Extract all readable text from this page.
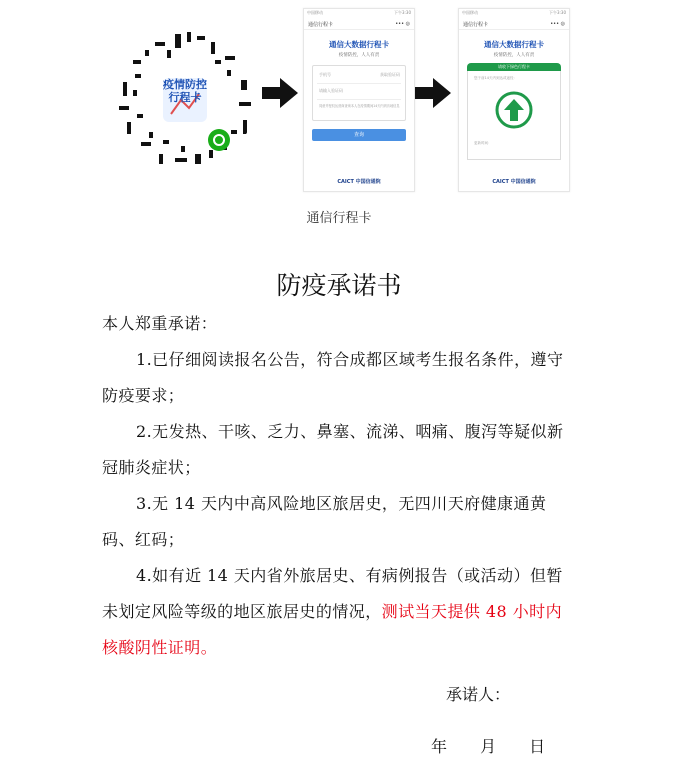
疫情防控
行程卡
中国移动	下午3:30
通信行程卡	••• ◎
通信大数据行程卡
疫情防控，人人有责
手机号	获取验证码
请输入验证码
同意并授权运营商查询本人在疫情期间14天内到访地信息
查询
CAICT 中国信通院
中国移动	下午3:30
通信行程卡	••• ◎
通信大数据行程卡
疫情防控，人人有责
请收下绿色行程卡
您于前14天内到达或途经：
更新时间：
CAICT 中国信通院
通信行程卡
防疫承诺书

本人郑重承诺：

1.已仔细阅读报名公告，符合成都区域考生报名条件，遵守防疫要求；

2.无发热、干咳、乏力、鼻塞、流涕、咽痛、腹泻等疑似新冠肺炎症状；

3.无 14 天内中高风险地区旅居史，无四川天府健康通黄码、红码；

4.如有近 14 天内省外旅居史、有病例报告（或活动）但暂未划定风险等级的地区旅居史的情况，测试当天提供 48 小时内核酸阴性证明。

承诺人：
年 月 日
